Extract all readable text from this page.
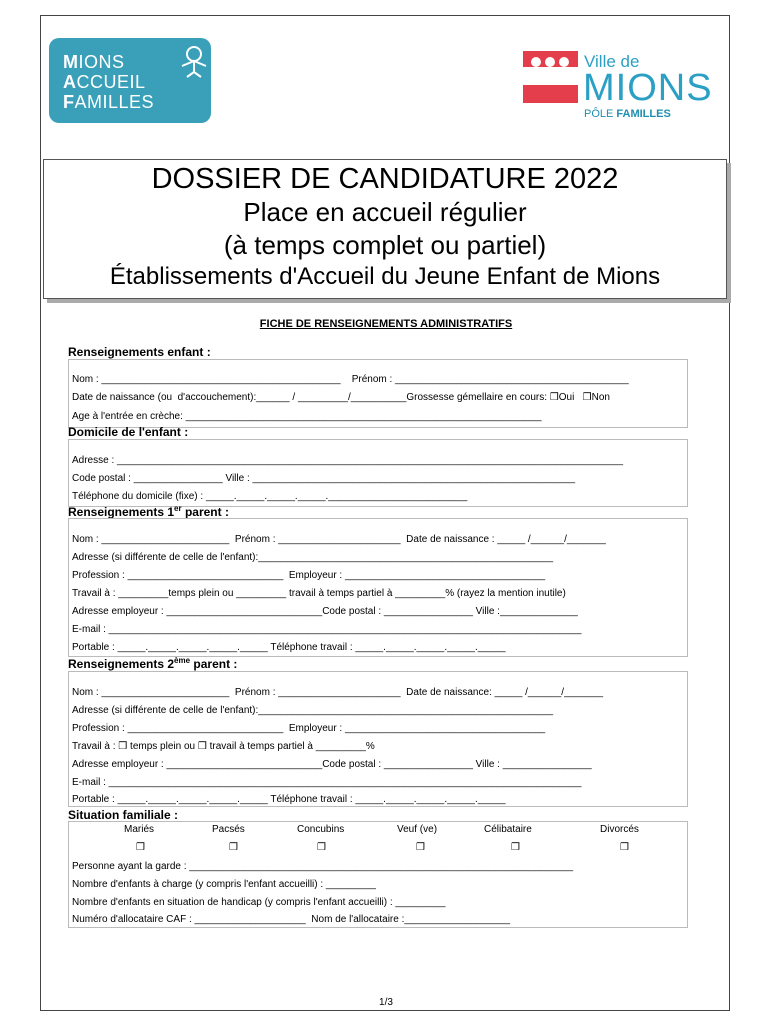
MIONS
ACCUEIL
FAMILLES
Ville de
MIONS
PÔLE FAMILLES
DOSSIER DE CANDIDATURE 2022
Place en accueil régulier
(à temps complet ou partiel)
Établissements d'Accueil du Jeune Enfant de Mions
FICHE DE RENSEIGNEMENTS ADMINISTRATIFS
Renseignements enfant :
Nom : ___________________________________________    Prénom : __________________________________________
Date de naissance (ou  d'accouchement):______ / _________/__________Grossesse gémellaire en cours: ❒Oui   ❒Non
Age à l'entrée en crèche: ________________________________________________________________
Domicile de l'enfant :
Adresse : ___________________________________________________________________________________________
Code postal : ________________ Ville : __________________________________________________________
Téléphone du domicile (fixe) : _____._____._____._____._________________________
Renseignements 1er parent :
Nom : _______________________  Prénom : ______________________  Date de naissance : _____ /______/_______
Adresse (si différente de celle de l'enfant):_____________________________________________________
Profession : ____________________________  Employeur : ____________________________________
Travail à : _________temps plein ou _________ travail à temps partiel à _________% (rayez la mention inutile)
Adresse employeur : ____________________________Code postal : ________________ Ville :______________
E-mail : _____________________________________________________________________________________
Portable : _____._____._____._____._____ Téléphone travail : _____._____._____._____._____
Renseignements 2ème parent :
Nom : _______________________  Prénom : ______________________  Date de naissance: _____ /______/_______
Adresse (si différente de celle de l'enfant):_____________________________________________________
Profession : ____________________________  Employeur : ____________________________________
Travail à : ❒ temps plein ou ❒ travail à temps partiel à _________%
Adresse employeur : ____________________________Code postal : ________________ Ville : ________________
E-mail : _____________________________________________________________________________________
Portable : _____._____._____._____._____ Téléphone travail : _____._____._____._____._____
Situation familiale :
Mariés	Pacsés	Concubins	Veuf (ve)	Célibataire	Divorcés
❒	❒	❒	❒	❒	❒
Personne ayant la garde : _____________________________________________________________________
Nombre d'enfants à charge (y compris l'enfant accueilli) : _________
Nombre d'enfants en situation de handicap (y compris l'enfant accueilli) : _________
Numéro d'allocataire CAF : ____________________  Nom de l'allocataire :___________________
1/3
